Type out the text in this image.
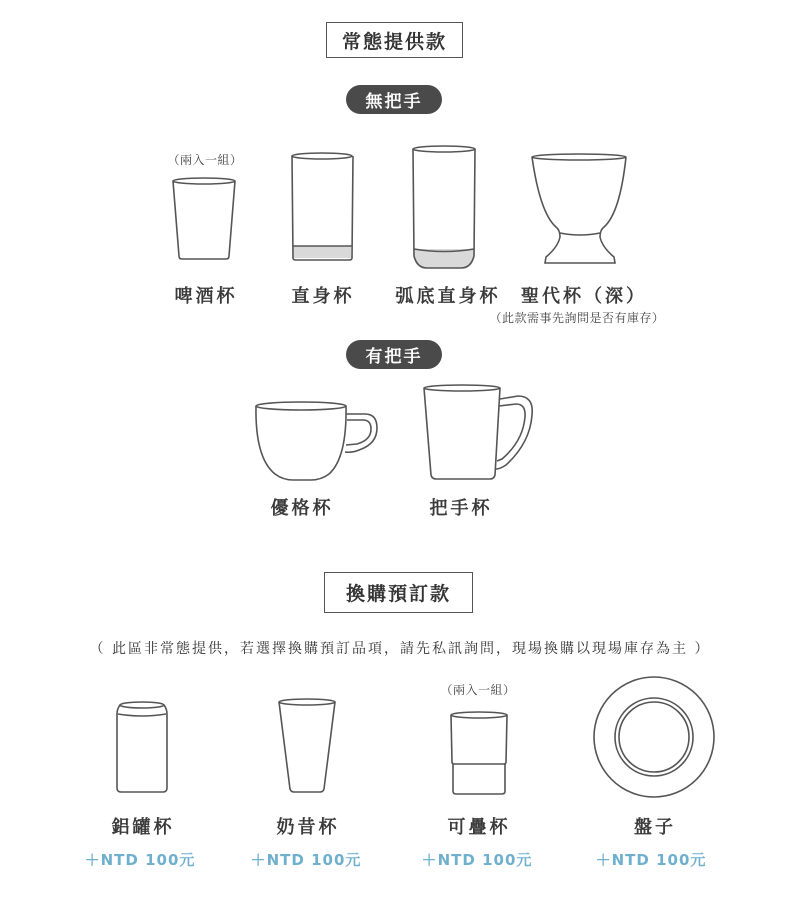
常態提供款
無把手
（兩入一組）
啤酒杯	直身杯 弧底直身杯 聖代杯（深）
（此款需事先詢問是否有庫存）
有把手
優格杯	把手杯
換購預訂款
（ 此區非常態提供，若選擇換購預訂品項，請先私訊詢問，現場換購以現場庫存為主 ）
（兩入一組）
鋁罐杯	奶昔杯	可疊杯	盤子
＋NTD 100元	＋NTD 100元	＋NTD 100元	＋NTD 100元
